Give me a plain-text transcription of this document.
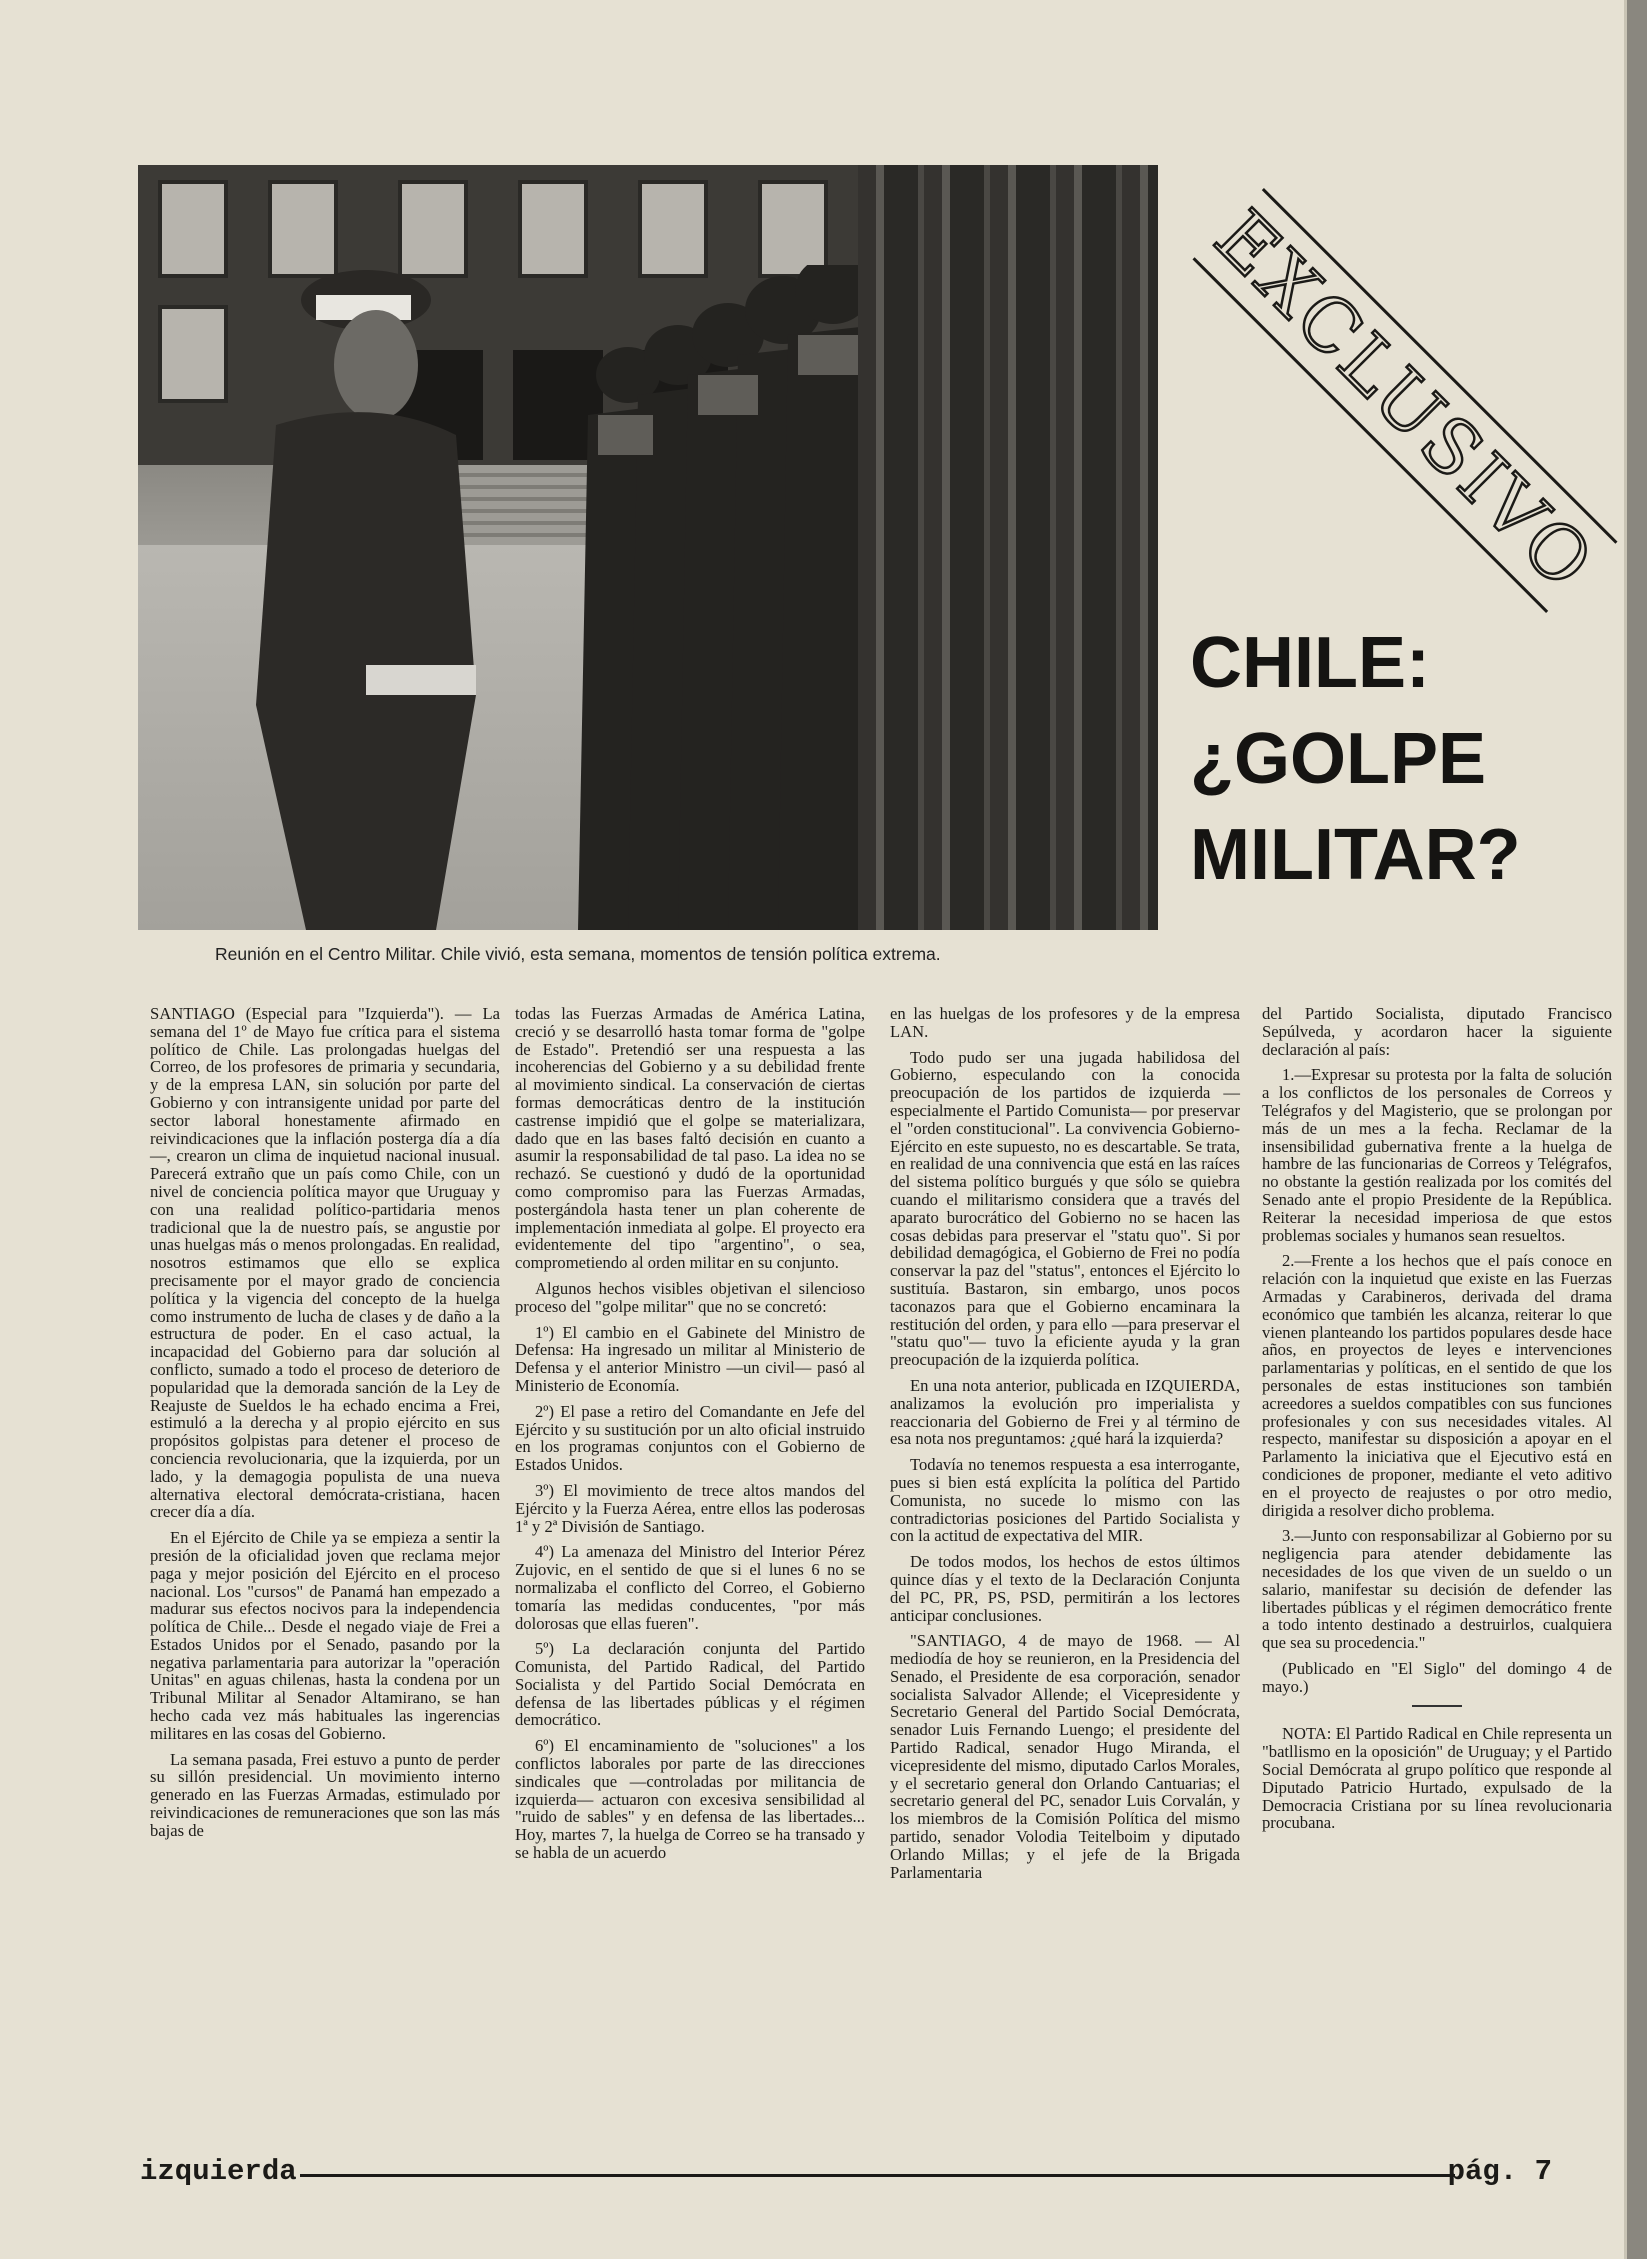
EXCLUSIVO
CHILE:
¿GOLPE
MILITAR?
Reunión en el Centro Militar. Chile vivió, esta semana, momentos de tensión política extrema.

SANTIAGO (Especial para "Izquierda"). — La semana del 1º de Mayo fue crítica para el sistema político de Chile. Las prolongadas huelgas del Correo, de los profesores de primaria y secundaria, y de la empresa LAN, sin solución por parte del Gobierno y con intransigente unidad por parte del sector laboral honestamente afirmado en reivindicaciones que la inflación posterga día a día—, crearon un clima de inquietud nacional inusual. Parecerá extraño que un país como Chile, con un nivel de conciencia política mayor que Uruguay y con una realidad político-partidaria menos tradicional que la de nuestro país, se angustie por unas huelgas más o menos prolongadas. En realidad, nosotros estimamos que ello se explica precisamente por el mayor grado de conciencia política y la vigencia del concepto de la huelga como instrumento de lucha de clases y de daño a la estructura de poder. En el caso actual, la incapacidad del Gobierno para dar solución al conflicto, sumado a todo el proceso de deterioro de popularidad que la demorada sanción de la Ley de Reajuste de Sueldos le ha echado encima a Frei, estimuló a la derecha y al propio ejército en sus propósitos golpistas para detener el proceso de conciencia revolucionaria, que la izquierda, por un lado, y la demagogia populista de una nueva alternativa electoral demócrata-cristiana, hacen crecer día a día.

En el Ejército de Chile ya se empieza a sentir la presión de la oficialidad joven que reclama mejor paga y mejor posición del Ejército en el proceso nacional. Los "cursos" de Panamá han empezado a madurar sus efectos nocivos para la independencia política de Chile... Desde el negado viaje de Frei a Estados Unidos por el Senado, pasando por la negativa parlamentaria para autorizar la "operación Unitas" en aguas chilenas, hasta la condena por un Tribunal Militar al Senador Altamirano, se han hecho cada vez más habituales las ingerencias militares en las cosas del Gobierno.

La semana pasada, Frei estuvo a punto de perder su sillón presidencial. Un movimiento interno generado en las Fuerzas Armadas, estimulado por reivindicaciones de remuneraciones que son las más bajas de

todas las Fuerzas Armadas de América Latina, creció y se desarrolló hasta tomar forma de "golpe de Estado". Pretendió ser una respuesta a las incoherencias del Gobierno y a su debilidad frente al movimiento sindical. La conservación de ciertas formas democráticas dentro de la institución castrense impidió que el golpe se materializara, dado que en las bases faltó decisión en cuanto a asumir la responsabilidad de tal paso. La idea no se rechazó. Se cuestionó y dudó de la oportunidad como compromiso para las Fuerzas Armadas, postergándola hasta tener un plan coherente de implementación inmediata al golpe. El proyecto era evidentemente del tipo "argentino", o sea, comprometiendo al orden militar en su conjunto.

Algunos hechos visibles objetivan el silencioso proceso del "golpe militar" que no se concretó:

1º) El cambio en el Gabinete del Ministro de Defensa: Ha ingresado un militar al Ministerio de Defensa y el anterior Ministro —un civil— pasó al Ministerio de Economía.

2º) El pase a retiro del Comandante en Jefe del Ejército y su sustitución por un alto oficial instruido en los programas conjuntos con el Gobierno de Estados Unidos.

3º) El movimiento de trece altos mandos del Ejército y la Fuerza Aérea, entre ellos las poderosas 1ª y 2ª División de Santiago.

4º) La amenaza del Ministro del Interior Pérez Zujovic, en el sentido de que si el lunes 6 no se normalizaba el conflicto del Correo, el Gobierno tomaría las medidas conducentes, "por más dolorosas que ellas fueren".

5º) La declaración conjunta del Partido Comunista, del Partido Radical, del Partido Socialista y del Partido Social Demócrata en defensa de las libertades públicas y el régimen democrático.

6º) El encaminamiento de "soluciones" a los conflictos laborales por parte de las direcciones sindicales que —controladas por militancia de izquierda— actuaron con excesiva sensibilidad al "ruido de sables" y en defensa de las libertades... Hoy, martes 7, la huelga de Correo se ha transado y se habla de un acuerdo

en las huelgas de los profesores y de la empresa LAN.

Todo pudo ser una jugada habilidosa del Gobierno, especulando con la conocida preocupación de los partidos de izquierda —especialmente el Partido Comunista— por preservar el "orden constitucional". La convivencia Gobierno-Ejército en este supuesto, no es descartable. Se trata, en realidad de una connivencia que está en las raíces del sistema político burgués y que sólo se quiebra cuando el militarismo considera que a través del aparato burocrático del Gobierno no se hacen las cosas debidas para preservar el "statu quo". Si por debilidad demagógica, el Gobierno de Frei no podía conservar la paz del "status", entonces el Ejército lo sustituía. Bastaron, sin embargo, unos pocos taconazos para que el Gobierno encaminara la restitución del orden, y para ello —para preservar el "statu quo"— tuvo la eficiente ayuda y la gran preocupación de la izquierda política.

En una nota anterior, publicada en IZQUIERDA, analizamos la evolución pro imperialista y reaccionaria del Gobierno de Frei y al término de esa nota nos preguntamos: ¿qué hará la izquierda?

Todavía no tenemos respuesta a esa interrogante, pues si bien está explícita la política del Partido Comunista, no sucede lo mismo con las contradictorias posiciones del Partido Socialista y con la actitud de expectativa del MIR.

De todos modos, los hechos de estos últimos quince días y el texto de la Declaración Conjunta del PC, PR, PS, PSD, permitirán a los lectores anticipar conclusiones.

"SANTIAGO, 4 de mayo de 1968. — Al mediodía de hoy se reunieron, en la Presidencia del Senado, el Presidente de esa corporación, senador socialista Salvador Allende; el Vicepresidente y Secretario General del Partido Social Demócrata, senador Luis Fernando Luengo; el presidente del Partido Radical, senador Hugo Miranda, el vicepresidente del mismo, diputado Carlos Morales, y el secretario general don Orlando Cantuarias; el secretario general del PC, senador Luis Corvalán, y los miembros de la Comisión Política del mismo partido, senador Volodia Teitelboim y diputado Orlando Millas; y el jefe de la Brigada Parlamentaria

del Partido Socialista, diputado Francisco Sepúlveda, y acordaron hacer la siguiente declaración al país:

1.—Expresar su protesta por la falta de solución a los conflictos de los personales de Correos y Telégrafos y del Magisterio, que se prolongan por más de un mes a la fecha. Reclamar de la insensibilidad gubernativa frente a la huelga de hambre de las funcionarias de Correos y Telégrafos, no obstante la gestión realizada por los comités del Senado ante el propio Presidente de la República. Reiterar la necesidad imperiosa de que estos problemas sociales y humanos sean resueltos.

2.—Frente a los hechos que el país conoce en relación con la inquietud que existe en las Fuerzas Armadas y Carabineros, derivada del drama económico que también les alcanza, reiterar lo que vienen planteando los partidos populares desde hace años, en proyectos de leyes e intervenciones parlamentarias y políticas, en el sentido de que los personales de estas instituciones son también acreedores a sueldos compatibles con sus funciones profesionales y con sus necesidades vitales. Al respecto, manifestar su disposición a apoyar en el Parlamento la iniciativa que el Ejecutivo está en condiciones de proponer, mediante el veto aditivo en el proyecto de reajustes o por otro medio, dirigida a resolver dicho problema.

3.—Junto con responsabilizar al Gobierno por su negligencia para atender debidamente las necesidades de los que viven de un sueldo o un salario, manifestar su decisión de defender las libertades públicas y el régimen democrático frente a todo intento destinado a destruirlos, cualquiera que sea su procedencia."

(Publicado en "El Siglo" del domingo 4 de mayo.)

NOTA: El Partido Radical en Chile representa un "batllismo en la oposición" de Uruguay; y el Partido Social Demócrata al grupo político que responde al Diputado Patricio Hurtado, expulsado de la Democracia Cristiana por su línea revolucionaria procubana.

izquierda	pág. 7
